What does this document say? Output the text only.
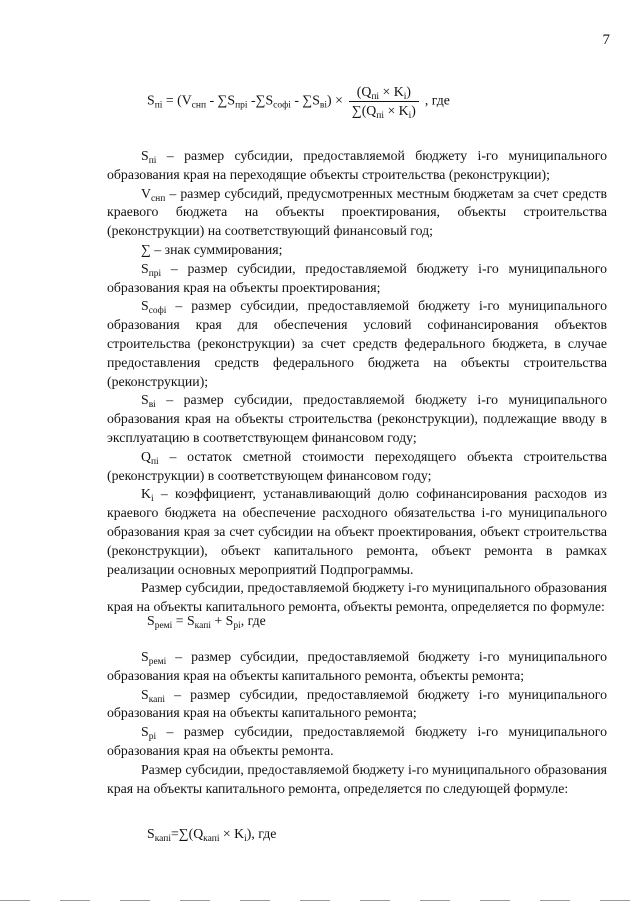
7
$S_{пi} = (V_{снп} - \sum S_{прi}$ $-\sum S_{софi} - \sum S_{вi}) \times \frac{(Q_{пi} \times K_i)}{\sum(Q_{пi} \times K_i)}$ , где

$S_{пi}$ – размер субсидии, предоставляемой бюджету i-го муниципального образования края на переходящие объекты строительства (реконструкции);

$V_{снп}$ – размер субсидий, предусмотренных местным бюджетам за счет средств краевого бюджета на объекты проектирования, объекты строительства (реконструкции) на соответствующий финансовый год;

∑ – знак суммирования;

$S_{прi}$ – размер субсидии, предоставляемой бюджету i-го муниципального образования края на объекты проектирования;

$S_{софi}$ – размер субсидии, предоставляемой бюджету i-го муниципального образования края для обеспечения условий софинансирования объектов строительства (реконструкции) за счет средств федерального бюджета, в случае предоставления средств федерального бюджета на объекты строительства (реконструкции);

$S_{вi}$ – размер субсидии, предоставляемой бюджету i-го муниципального образования края на объекты строительства (реконструкции), подлежащие вводу в эксплуатацию в соответствующем финансовом году;

$Q_{пi}$ – остаток сметной стоимости переходящего объекта строительства (реконструкции) в соответствующем финансовом году;

$K_i$ – коэффициент, устанавливающий долю софинансирования расходов из краевого бюджета на обеспечение расходного обязательства i-го муниципального образования края за счет субсидии на объект проектирования, объект строительства (реконструкции), объект капитального ремонта, объект ремонта в рамках реализации основных мероприятий Подпрограммы.

Размер субсидии, предоставляемой бюджету i-го муниципального образования края на объекты капитального ремонта, объекты ремонта, определяется по формуле:

$S_{ремi} = S_{капi} + S_{рi}$, где

$S_{ремi}$ – размер субсидии, предоставляемой бюджету i-го муниципального образования края на объекты капитального ремонта, объекты ремонта;

$S_{капi}$ – размер субсидии, предоставляемой бюджету i-го муниципального образования края на объекты капитального ремонта;

$S_{рi}$ – размер субсидии, предоставляемой бюджету i-го муниципального образования края на объекты ремонта.

Размер субсидии, предоставляемой бюджету i-го муниципального образования края на объекты капитального ремонта, определяется по следующей формуле:

$S_{капi}=\sum(Q_{капi} \times K_i)$, где
